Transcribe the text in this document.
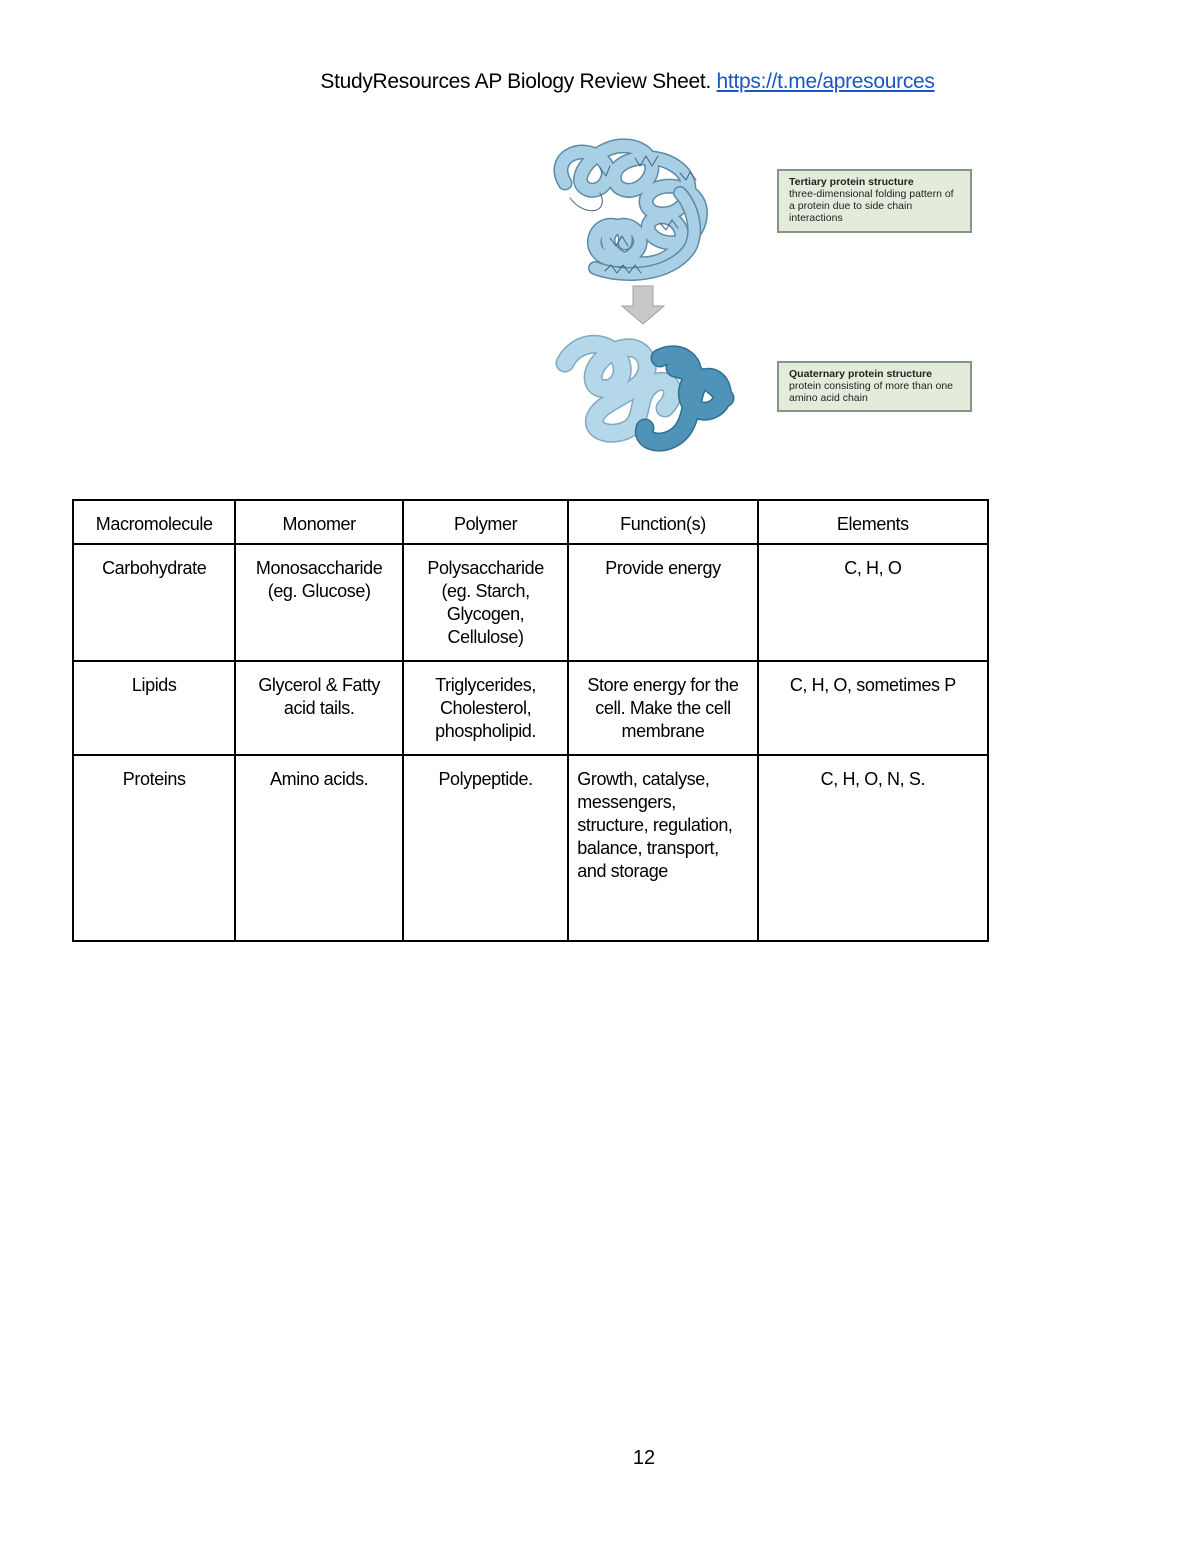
StudyResources AP Biology Review Sheet. https://t.me/apresources
Tertiary protein structure
three-dimensional folding pattern of a protein due to side chain interactions
Quaternary protein structure
protein consisting of more than one amino acid chain
Macromolecule	Monomer	Polymer	Function(s)	Elements
Carbohydrate	Monosaccharide (eg. Glucose)	Polysaccharide (eg. Starch, Glycogen, Cellulose)	Provide energy	C, H, O
Lipids	Glycerol & Fatty acid tails.	Triglycerides, Cholesterol, phospholipid.	Store energy for the cell. Make the cell membrane	C, H, O, sometimes P
Proteins	Amino acids.	Polypeptide.	Growth, catalyse, messengers, structure, regulation, balance, transport, and storage	C, H, O, N, S.
12
